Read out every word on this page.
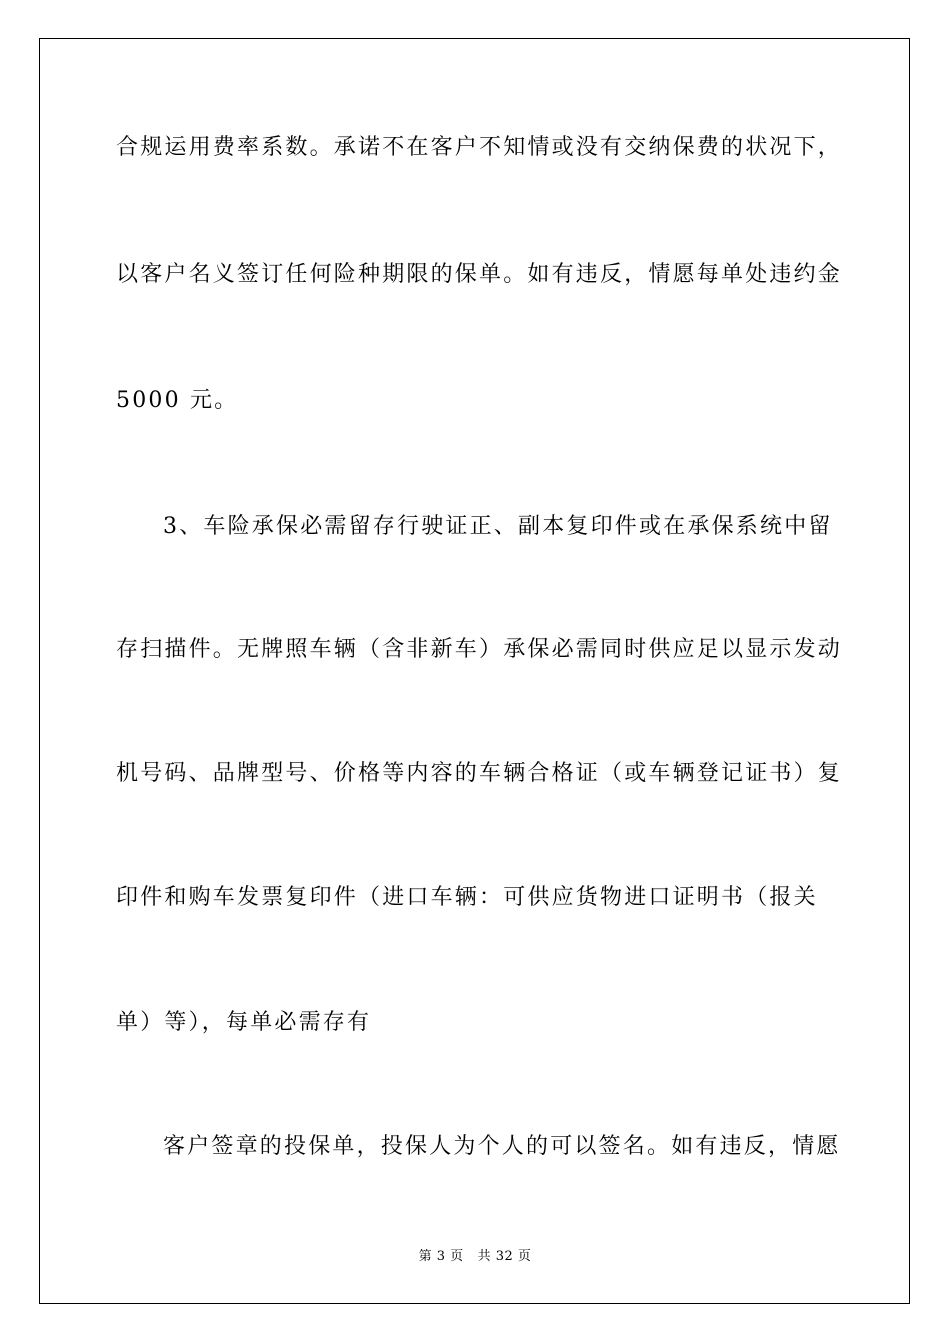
合规运用费率系数。承诺不在客户不知情或没有交纳保费的状况下，
以客户名义签订任何险种期限的保单。如有违反，情愿每单处违约金
5000 元。
3、车险承保必需留存行驶证正、副本复印件或在承保系统中留
存扫描件。无牌照车辆（含非新车）承保必需同时供应足以显示发动
机号码、品牌型号、价格等内容的车辆合格证（或车辆登记证书）复
印件和购车发票复印件（进口车辆：可供应货物进口证明书（报关
单）等），每单必需存有
客户签章的投保单，投保人为个人的可以签名。如有违反，情愿
第 3 页 共 32 页
